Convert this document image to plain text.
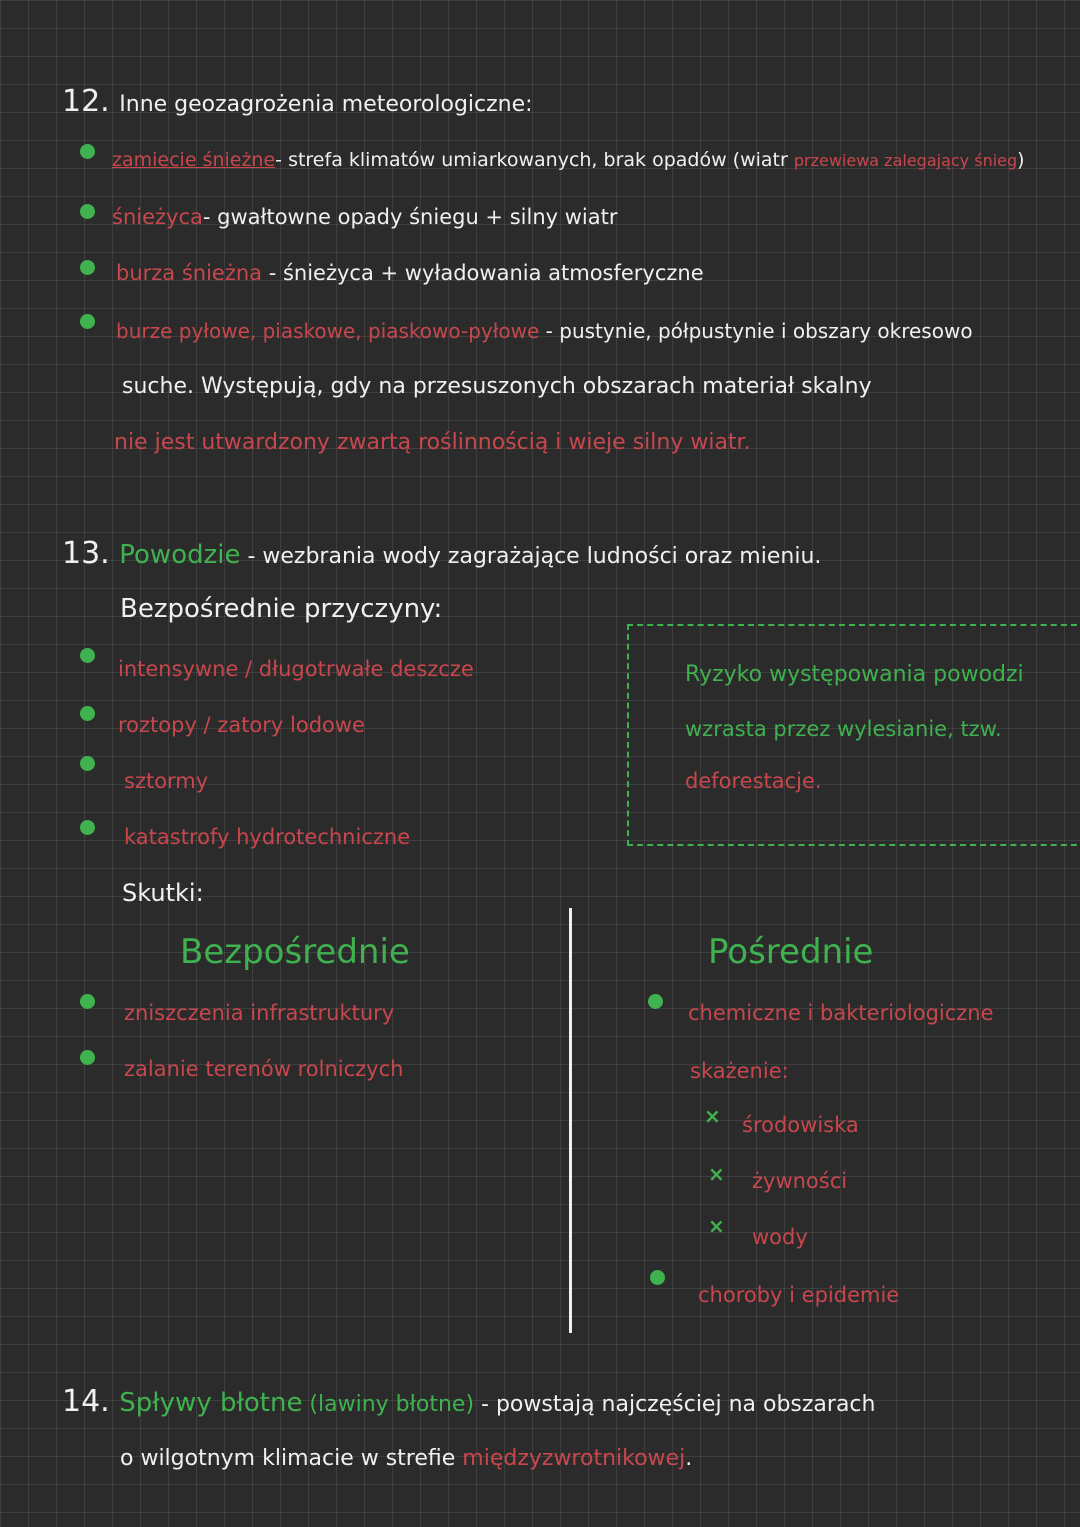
12. Inne geozagrożenia meteorologiczne:
zamiecie śnieżne- strefa klimatów umiarkowanych, brak opadów (wiatr przewiewa zalegający śnieg)
śnieżyca- gwałtowne opady śniegu + silny wiatr
burza śnieżna - śnieżyca + wyładowania atmosferyczne
burze pyłowe, piaskowe, piaskowo-pyłowe - pustynie, półpustynie i obszary okresowo
suche. Występują, gdy na przesuszonych obszarach materiał skalny
nie jest utwardzony zwartą roślinnością i wieje silny wiatr.
13. Powodzie - wezbrania wody zagrażające ludności oraz mieniu.
Bezpośrednie przyczyny:
intensywne / długotrwałe deszcze
roztopy / zatory lodowe
sztormy
katastrofy hydrotechniczne
Ryzyko występowania powodzi
wzrasta przez wylesianie, tzw.
deforestacje.
Skutki:
Bezpośrednie
zniszczenia infrastruktury
zalanie terenów rolniczych
Pośrednie
chemiczne i bakteriologiczne
skażenie:
× środowiska
× żywności
× wody
choroby i epidemie
14. Spływy błotne (lawiny błotne) - powstają najczęściej na obszarach
o wilgotnym klimacie w strefie międzyzwrotnikowej.
